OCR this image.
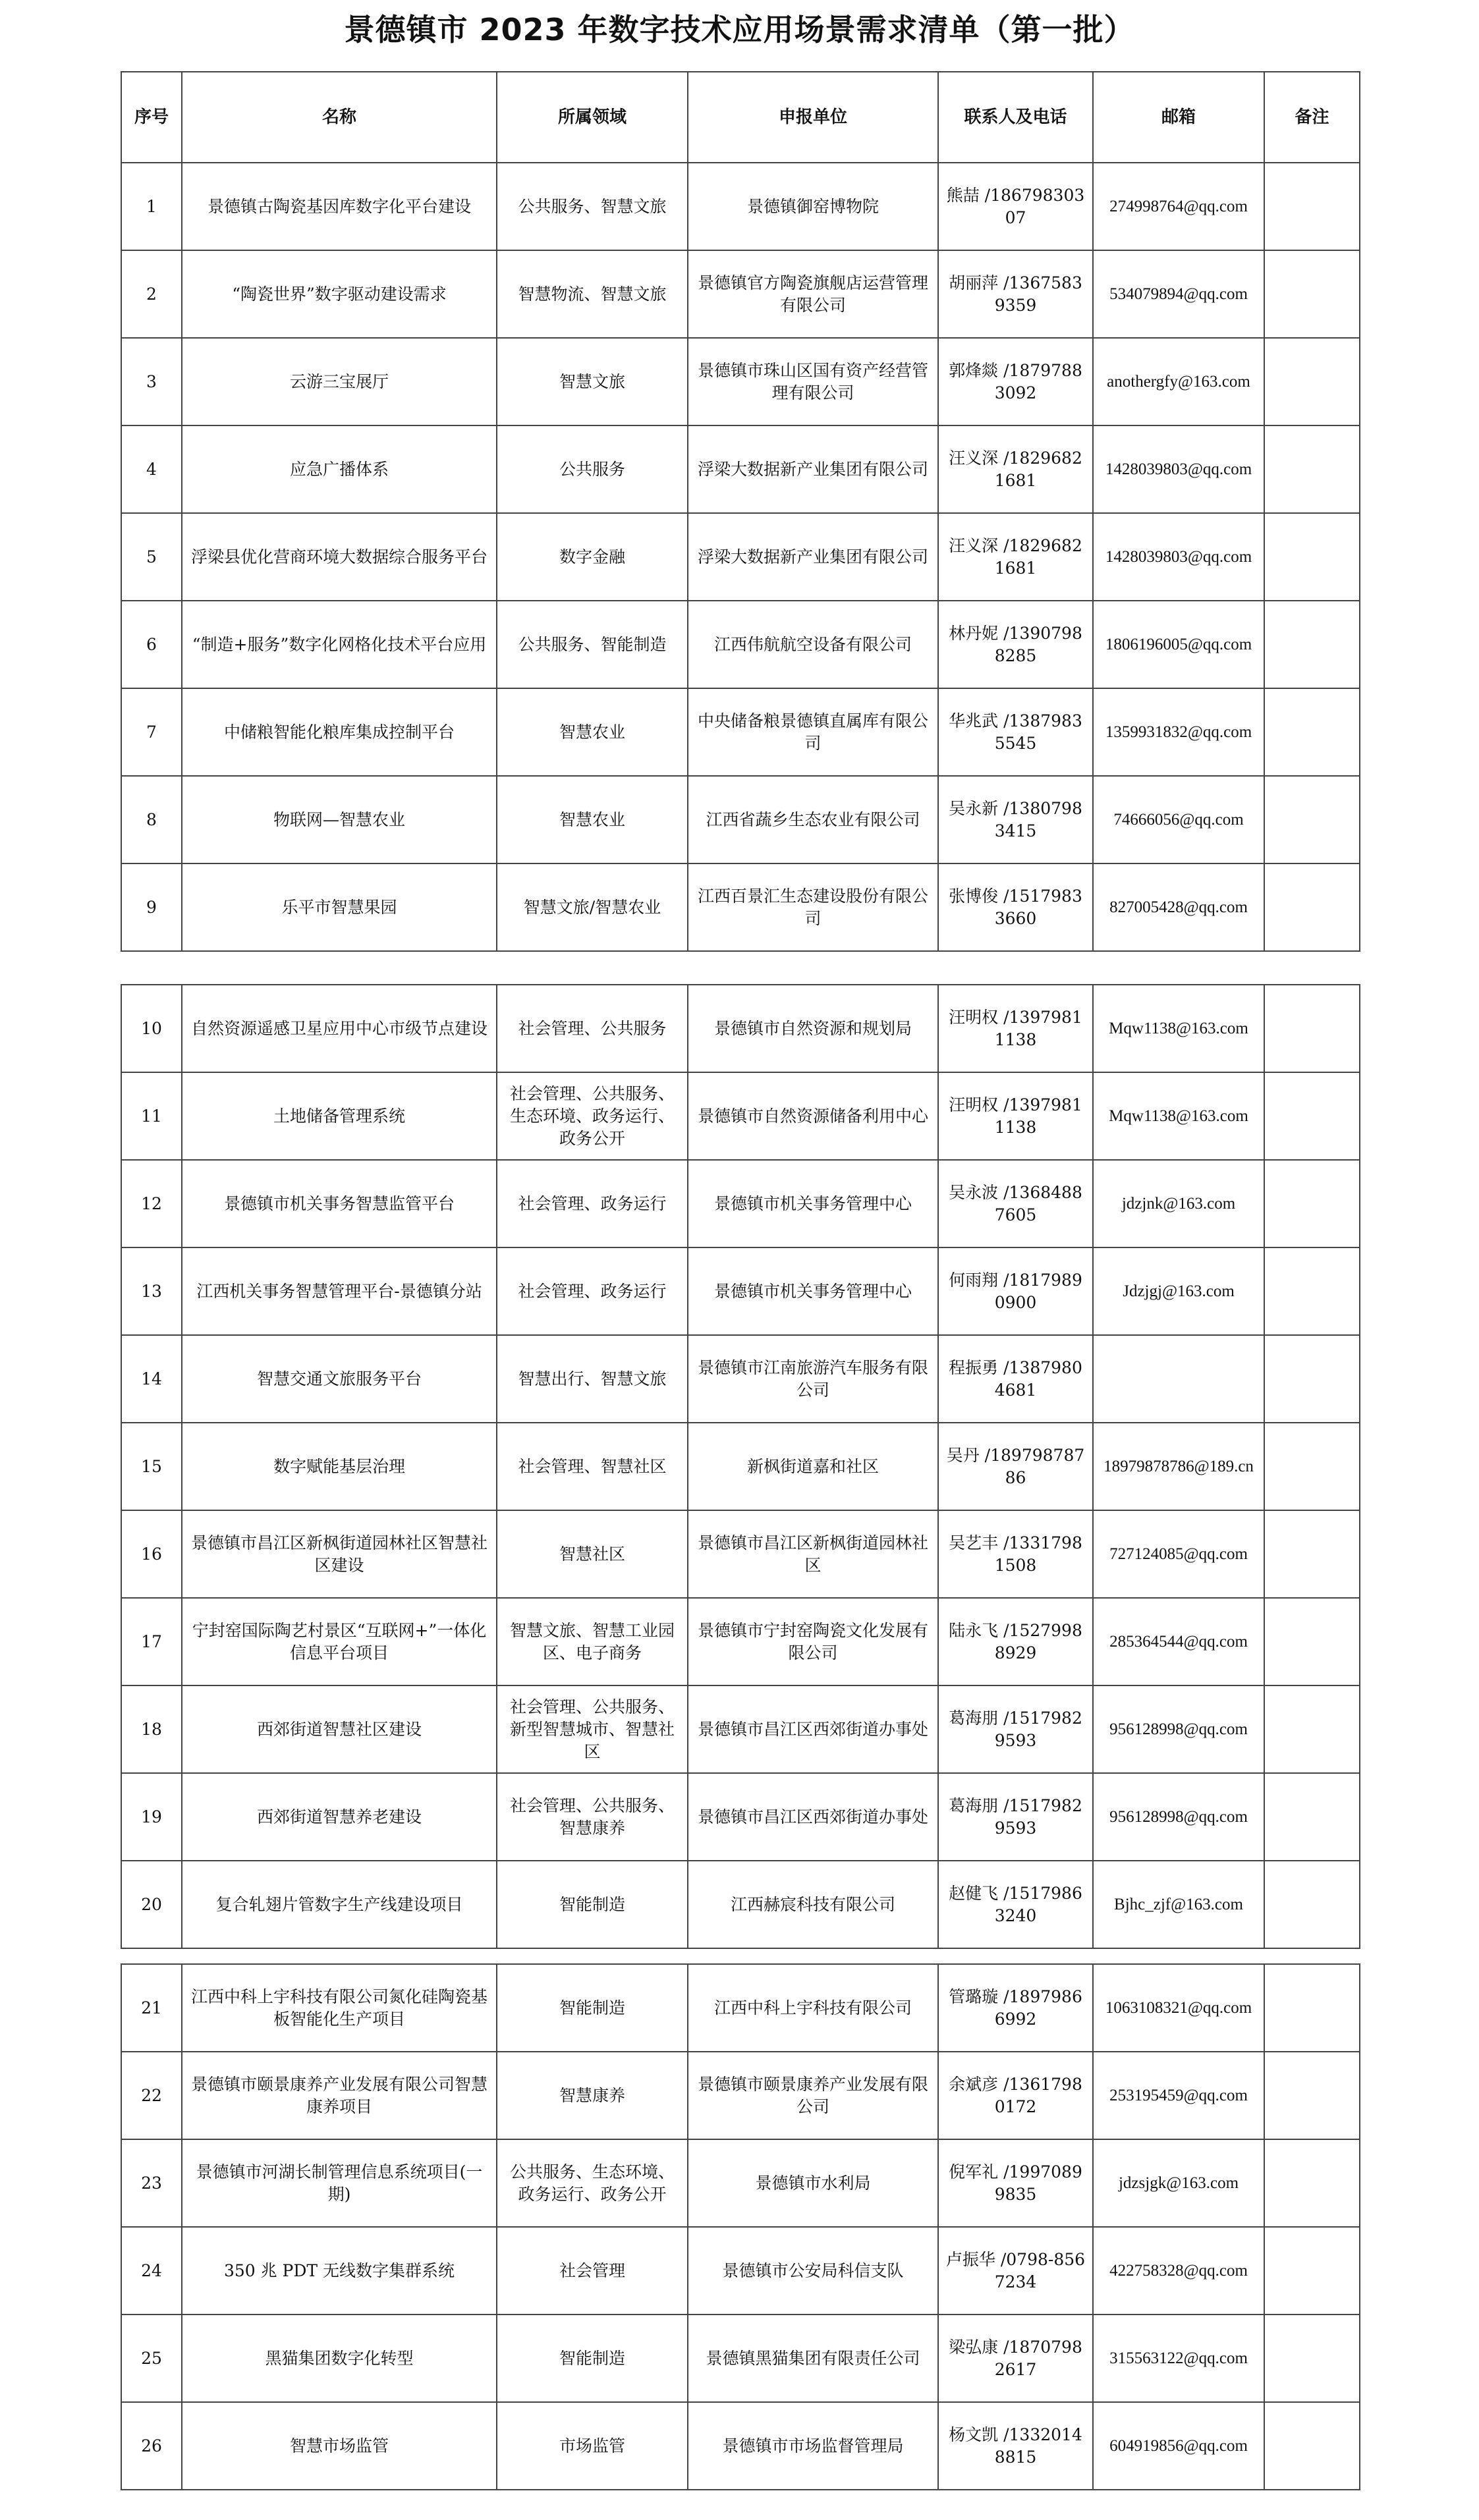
景德镇市 2023 年数字技术应用场景需求清单（第一批）
序号	名称	所属领域	申报单位	联系人及电话	邮箱	备注
1	景德镇古陶瓷基因库数字化平台建设	公共服务、智慧文旅	景德镇御窑博物院	熊喆 /18679830307	274998764@qq.com	
2	“陶瓷世界”数字驱动建设需求	智慧物流、智慧文旅	景德镇官方陶瓷旗舰店运营管理有限公司	胡丽萍 /13675839359	534079894@qq.com	
3	云游三宝展厅	智慧文旅	景德镇市珠山区国有资产经营管理有限公司	郭烽燚 /18797883092	anothergfy@163.com	
4	应急广播体系	公共服务	浮梁大数据新产业集团有限公司	汪义深 /18296821681	1428039803@qq.com	
5	浮梁县优化营商环境大数据综合服务平台	数字金融	浮梁大数据新产业集团有限公司	汪义深 /18296821681	1428039803@qq.com	
6	“制造+服务”数字化网格化技术平台应用	公共服务、智能制造	江西伟航航空设备有限公司	林丹妮 /13907988285	1806196005@qq.com	
7	中储粮智能化粮库集成控制平台	智慧农业	中央储备粮景德镇直属库有限公司	华兆武 /13879835545	1359931832@qq.com	
8	物联网—智慧农业	智慧农业	江西省蔬乡生态农业有限公司	吴永新 /13807983415	74666056@qq.com	
9	乐平市智慧果园	智慧文旅/智慧农业	江西百景汇生态建设股份有限公司	张博俊 /15179833660	827005428@qq.com	
10	自然资源遥感卫星应用中心市级节点建设	社会管理、公共服务	景德镇市自然资源和规划局	汪明权 /13979811138	Mqw1138@163.com	
11	土地储备管理系统	社会管理、公共服务、生态环境、政务运行、政务公开	景德镇市自然资源储备利用中心	汪明权 /13979811138	Mqw1138@163.com	
12	景德镇市机关事务智慧监管平台	社会管理、政务运行	景德镇市机关事务管理中心	吴永波 /13684887605	jdzjnk@163.com	
13	江西机关事务智慧管理平台-景德镇分站	社会管理、政务运行	景德镇市机关事务管理中心	何雨翔 /18179890900	Jdzjgj@163.com	
14	智慧交通文旅服务平台	智慧出行、智慧文旅	景德镇市江南旅游汽车服务有限公司	程振勇 /13879804681		
15	数字赋能基层治理	社会管理、智慧社区	新枫街道嘉和社区	吴丹 /18979878786	18979878786@189.cn	
16	景德镇市昌江区新枫街道园林社区智慧社区建设	智慧社区	景德镇市昌江区新枫街道园林社区	吴艺丰 /13317981508	727124085@qq.com	
17	宁封窑国际陶艺村景区“互联网+”一体化信息平台项目	智慧文旅、智慧工业园区、电子商务	景德镇市宁封窑陶瓷文化发展有限公司	陆永飞 /15279988929	285364544@qq.com	
18	西郊街道智慧社区建设	社会管理、公共服务、新型智慧城市、智慧社区	景德镇市昌江区西郊街道办事处	葛海朋 /15179829593	956128998@qq.com	
19	西郊街道智慧养老建设	社会管理、公共服务、智慧康养	景德镇市昌江区西郊街道办事处	葛海朋 /15179829593	956128998@qq.com	
20	复合轧翅片管数字生产线建设项目	智能制造	江西赫宸科技有限公司	赵健飞 /15179863240	Bjhc_zjf@163.com	
21	江西中科上宇科技有限公司氮化硅陶瓷基板智能化生产项目	智能制造	江西中科上宇科技有限公司	管璐璇 /18979866992	1063108321@qq.com	
22	景德镇市颐景康养产业发展有限公司智慧康养项目	智慧康养	景德镇市颐景康养产业发展有限公司	余斌彦 /13617980172	253195459@qq.com	
23	景德镇市河湖长制管理信息系统项目(一期)	公共服务、生态环境、政务运行、政务公开	景德镇市水利局	倪军礼 /19970899835	jdzsjgk@163.com	
24	350 兆 PDT 无线数字集群系统	社会管理	景德镇市公安局科信支队	卢振华 /0798-8567234	422758328@qq.com	
25	黑猫集团数字化转型	智能制造	景德镇黑猫集团有限责任公司	梁弘康 /18707982617	315563122@qq.com	
26	智慧市场监管	市场监管	景德镇市市场监督管理局	杨文凯 /13320148815	604919856@qq.com	
